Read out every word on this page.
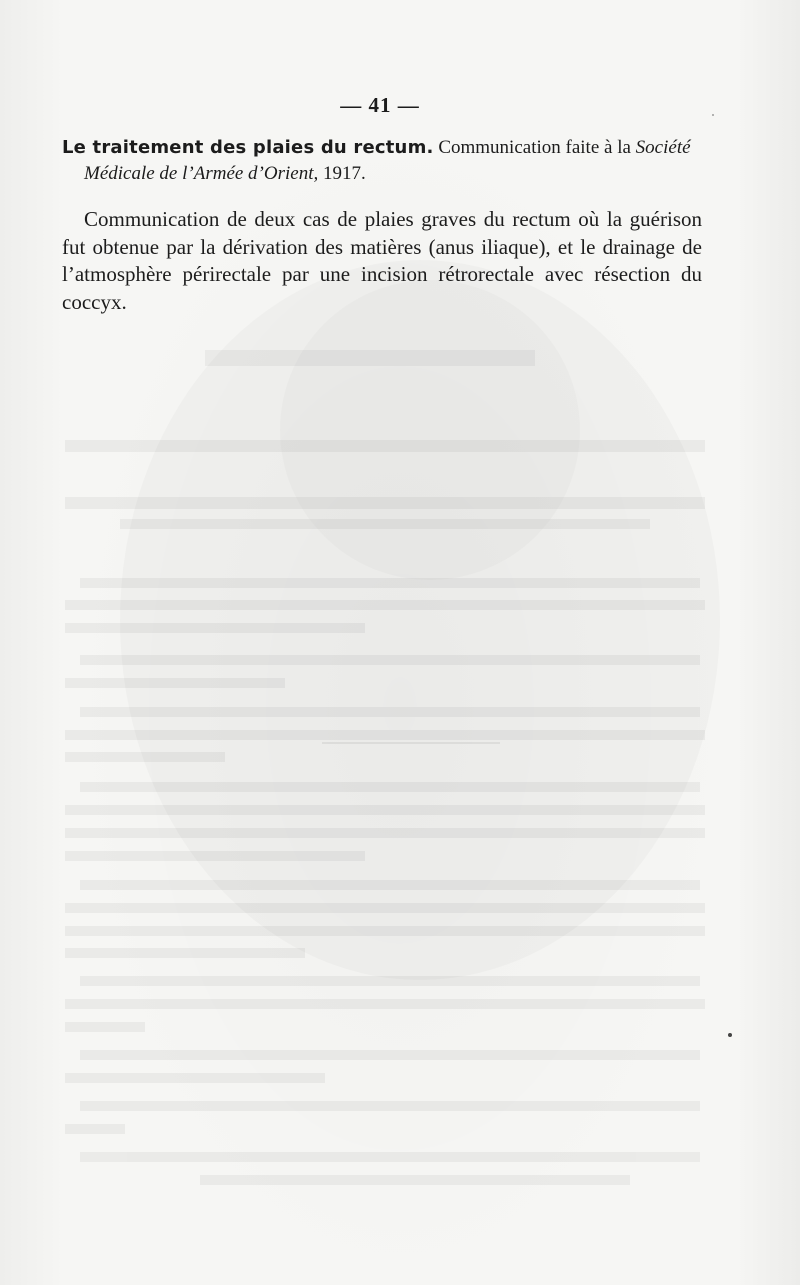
— 41 —
Le traitement des plaies du rectum. Communication faite à la Société
Médicale de l’Armée d’Orient, 1917.

Communication de deux cas de plaies graves du rectum où la guérison fut obtenue par la dérivation des matières (anus iliaque), et le drainage de l’atmosphère périrectale par une incision rétrorectale avec résection du coccyx.
